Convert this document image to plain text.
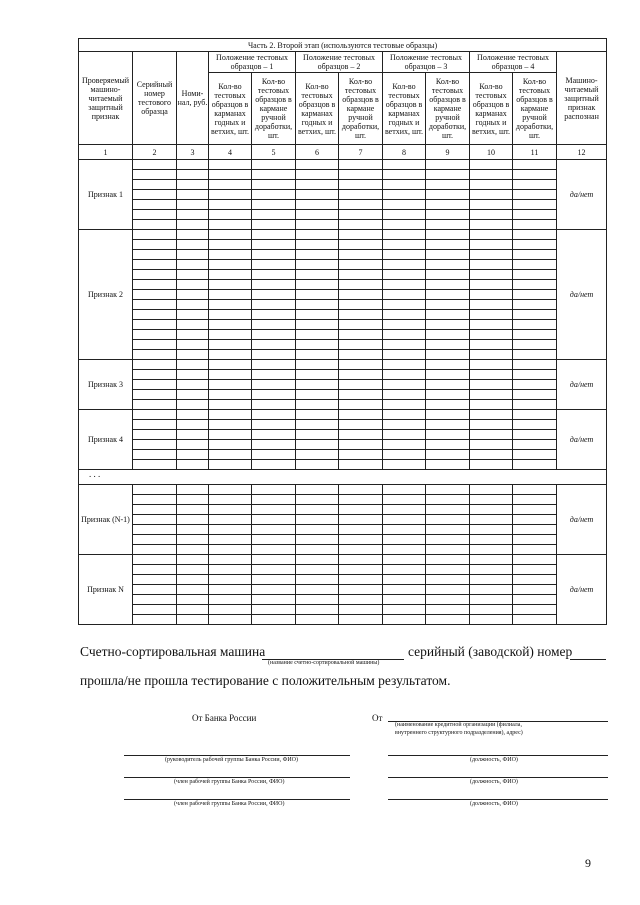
Часть 2. Второй этап (используются тестовые образцы)											
Проверяемый машино-читаемый защитный признак	Серийный номер тестового образца	Номи-нал, руб.	Положение тестовых образцов – 1		Положение тестовых образцов – 2		Положение тестовых образцов – 3		Положение тестовых образцов – 4		Машино-читаемый защитный признак распознан
			Кол-во тестовых образцов в карманах годных и ветхих, шт.	Кол-во тестовых образцов в кармане ручной доработки, шт.	Кол-во тестовых образцов в карманах годных и ветхих, шт.	Кол-во тестовых образцов в кармане ручной доработки, шт.	Кол-во тестовых образцов в карманах годных и ветхих, шт.	Кол-во тестовых образцов в кармане ручной доработки, шт.	Кол-во тестовых образцов в карманах годных и ветхих, шт.	Кол-во тестовых образцов в кармане ручной доработки, шт.	
1	2	3	4	5	6	7	8	9	10	11	12
Признак 1											да/нет

Признак 2											да/нет

Признак 3											да/нет

Признак 4											да/нет

. . .											
Признак (N-1)											да/нет

Признак N											да/нет

Счетно-сортировальная машина
(название счетно-сортировальной машины)
серийный (заводской) номер
прошла/не прошла тестирование с положительным результатом.
От Банка России	От
(наименование кредитной организации (филиала,
внутреннего структурного подразделения), адрес)
(руководитель рабочей группы Банка России, ФИО)
(член рабочей группы Банка России, ФИО)
(член рабочей группы Банка России, ФИО)
(должность, ФИО)
(должность, ФИО)
(должность, ФИО)
9
